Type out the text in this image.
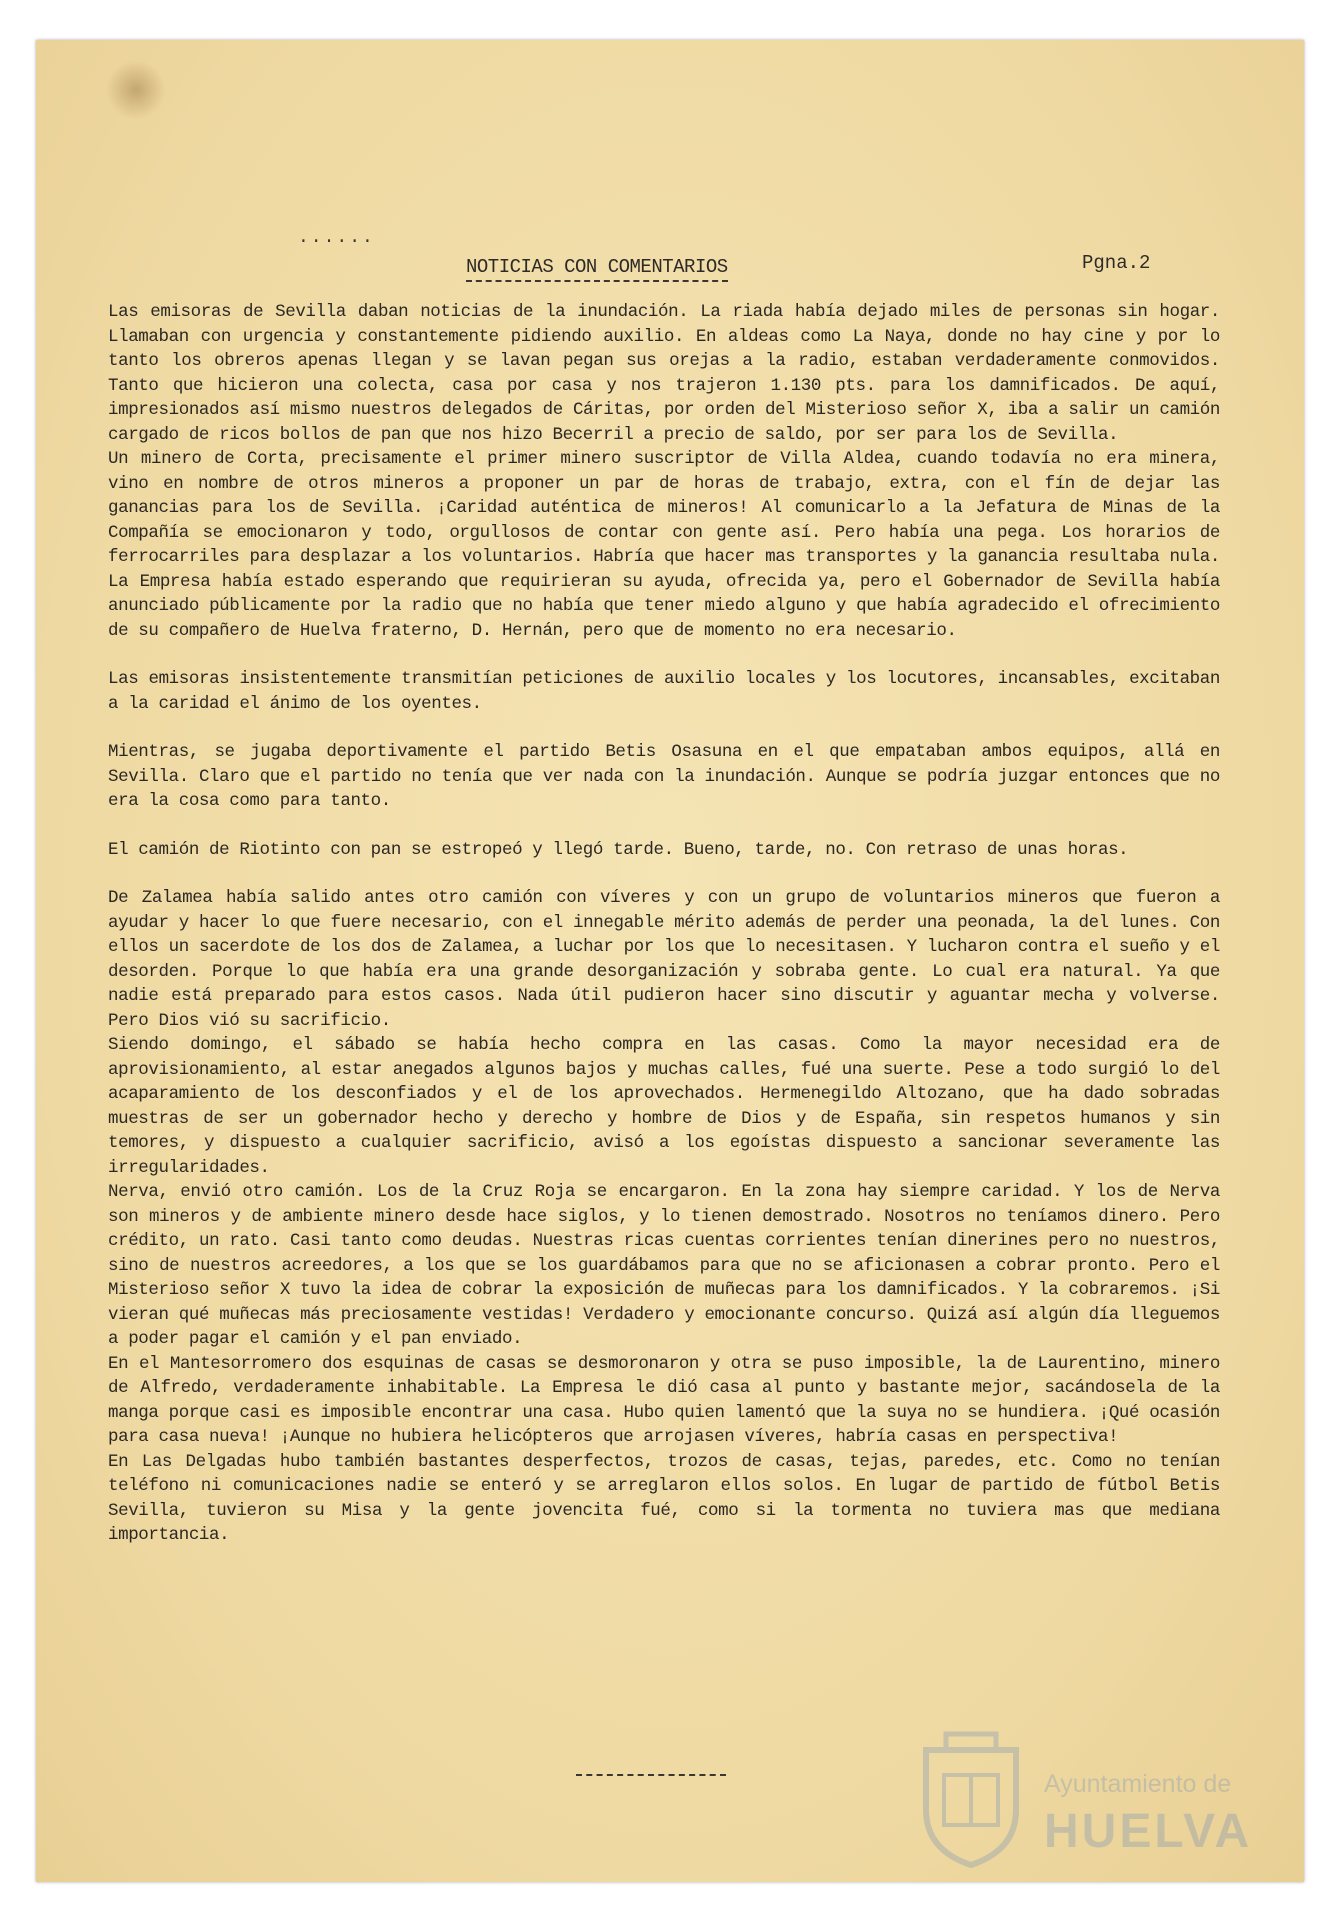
......
NOTICIAS CON COMENTARIOS	Pgna.2

Las emisoras de Sevilla daban noticias de la inundación. La riada había dejado miles de personas sin hogar. Llamaban con urgencia y constantemente pidiendo auxilio. En aldeas como La Naya, donde no hay cine y por lo tanto los obreros apenas llegan y se lavan pegan sus orejas a la radio, estaban verdaderamente conmovidos. Tanto que hicieron una colecta, casa por casa y nos trajeron 1.130 pts. para los damnificados. De aquí, impresionados así mismo nuestros delegados de Cáritas, por orden del Misterioso señor X, iba a salir un camión cargado de ricos bollos de pan que nos hizo Becerril a precio de saldo, por ser para los de Sevilla.

Un minero de Corta, precisamente el primer minero suscriptor de Villa Aldea, cuando todavía no era minera, vino en nombre de otros mineros a proponer un par de horas de trabajo, extra, con el fín de dejar las ganancias para los de Sevilla. ¡Caridad auténtica de mineros! Al comunicarlo a la Jefatura de Minas de la Compañía se emocionaron y todo, orgullosos de contar con gente así. Pero había una pega. Los horarios de ferrocarriles para desplazar a los voluntarios. Habría que hacer mas transportes y la ganancia resultaba nula. La Empresa había estado esperando que requirieran su ayuda, ofrecida ya, pero el Gobernador de Sevilla había anunciado públicamente por la radio que no había que tener miedo alguno y que había agradecido el ofrecimiento de su compañero de Huelva fraterno, D. Hernán, pero que de momento no era necesario.

Las emisoras insistentemente transmitían peticiones de auxilio locales y los locutores, incansables, excitaban a la caridad el ánimo de los oyentes.

Mientras, se jugaba deportivamente el partido Betis Osasuna en el que empataban ambos equipos, allá en Sevilla. Claro que el partido no tenía que ver nada con la inundación. Aunque se podría juzgar entonces que no era la cosa como para tanto.

El camión de Riotinto con pan se estropeó y llegó tarde. Bueno, tarde, no. Con retraso de unas horas.

De Zalamea había salido antes otro camión con víveres y con un grupo de voluntarios mineros que fueron a ayudar y hacer lo que fuere necesario, con el innegable mérito además de perder una peonada, la del lunes. Con ellos un sacerdote de los dos de Zalamea, a luchar por los que lo necesitasen. Y lucharon contra el sueño y el desorden. Porque lo que había era una grande desorganización y sobraba gente. Lo cual era natural. Ya que nadie está preparado para estos casos. Nada útil pudieron hacer sino discutir y aguantar mecha y volverse. Pero Dios vió su sacrificio.

Siendo domingo, el sábado se había hecho compra en las casas. Como la mayor necesidad era de aprovisionamiento, al estar anegados algunos bajos y muchas calles, fué una suerte. Pese a todo surgió lo del acaparamiento de los desconfiados y el de los aprovechados. Hermenegildo Altozano, que ha dado sobradas muestras de ser un gobernador hecho y derecho y hombre de Dios y de España, sin respetos humanos y sin temores, y dispuesto a cualquier sacrificio, avisó a los egoístas dispuesto a sancionar severamente las irregularidades.

Nerva, envió otro camión. Los de la Cruz Roja se encargaron. En la zona hay siempre caridad. Y los de Nerva son mineros y de ambiente minero desde hace siglos, y lo tienen demostrado. Nosotros no teníamos dinero. Pero crédito, un rato. Casi tanto como deudas. Nuestras ricas cuentas corrientes tenían dinerines pero no nuestros, sino de nuestros acreedores, a los que se los guardábamos para que no se aficionasen a cobrar pronto. Pero el Misterioso señor X tuvo la idea de cobrar la exposición de muñecas para los damnificados. Y la cobraremos. ¡Si vieran qué muñecas más preciosamente vestidas! Verdadero y emocionante concurso. Quizá así algún día lleguemos a poder pagar el camión y el pan enviado.

En el Mantesorromero dos esquinas de casas se desmoronaron y otra se puso imposible, la de Laurentino, minero de Alfredo, verdaderamente inhabitable. La Empresa le dió casa al punto y bastante mejor, sacándosela de la manga porque casi es imposible encontrar una casa. Hubo quien lamentó que la suya no se hundiera. ¡Qué ocasión para casa nueva! ¡Aunque no hubiera helicópteros que arrojasen víveres, habría casas en perspectiva!

En Las Delgadas hubo también bastantes desperfectos, trozos de casas, tejas, paredes, etc. Como no tenían teléfono ni comunicaciones nadie se enteró y se arreglaron ellos solos. En lugar de partido de fútbol Betis Sevilla, tuvieron su Misa y la gente jovencita fué, como si la tormenta no tuviera mas que mediana importancia.

Ayuntamiento de
HUELVA
